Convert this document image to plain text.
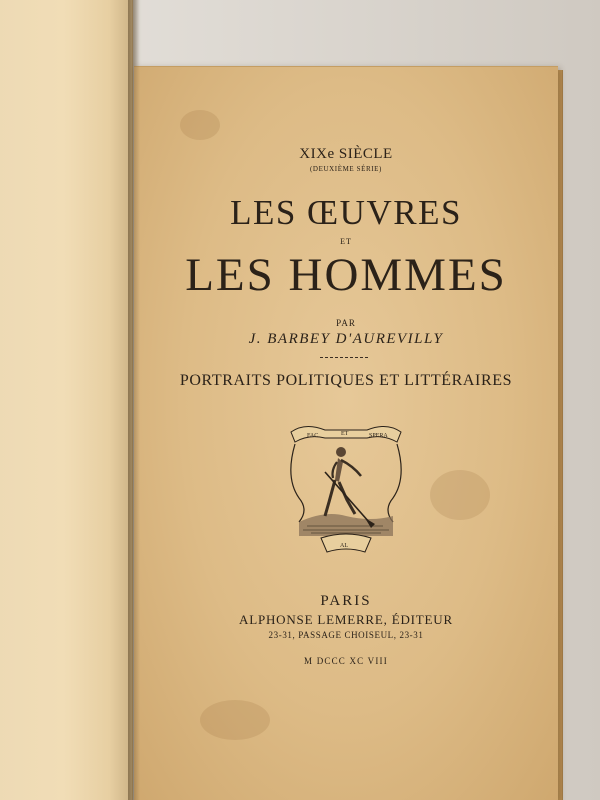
XIXe SIÈCLE

(DEUXIÈME SÉRIE)

LES ŒUVRES

ET

LES HOMMES

PAR

J. BARBEY D'AUREVILLY

PORTRAITS POLITIQUES ET LITTÉRAIRES

FAC	ET	SPERA
AL

PARIS

ALPHONSE LEMERRE, ÉDITEUR

23-31, PASSAGE CHOISEUL, 23-31

M DCCC XC VIII
